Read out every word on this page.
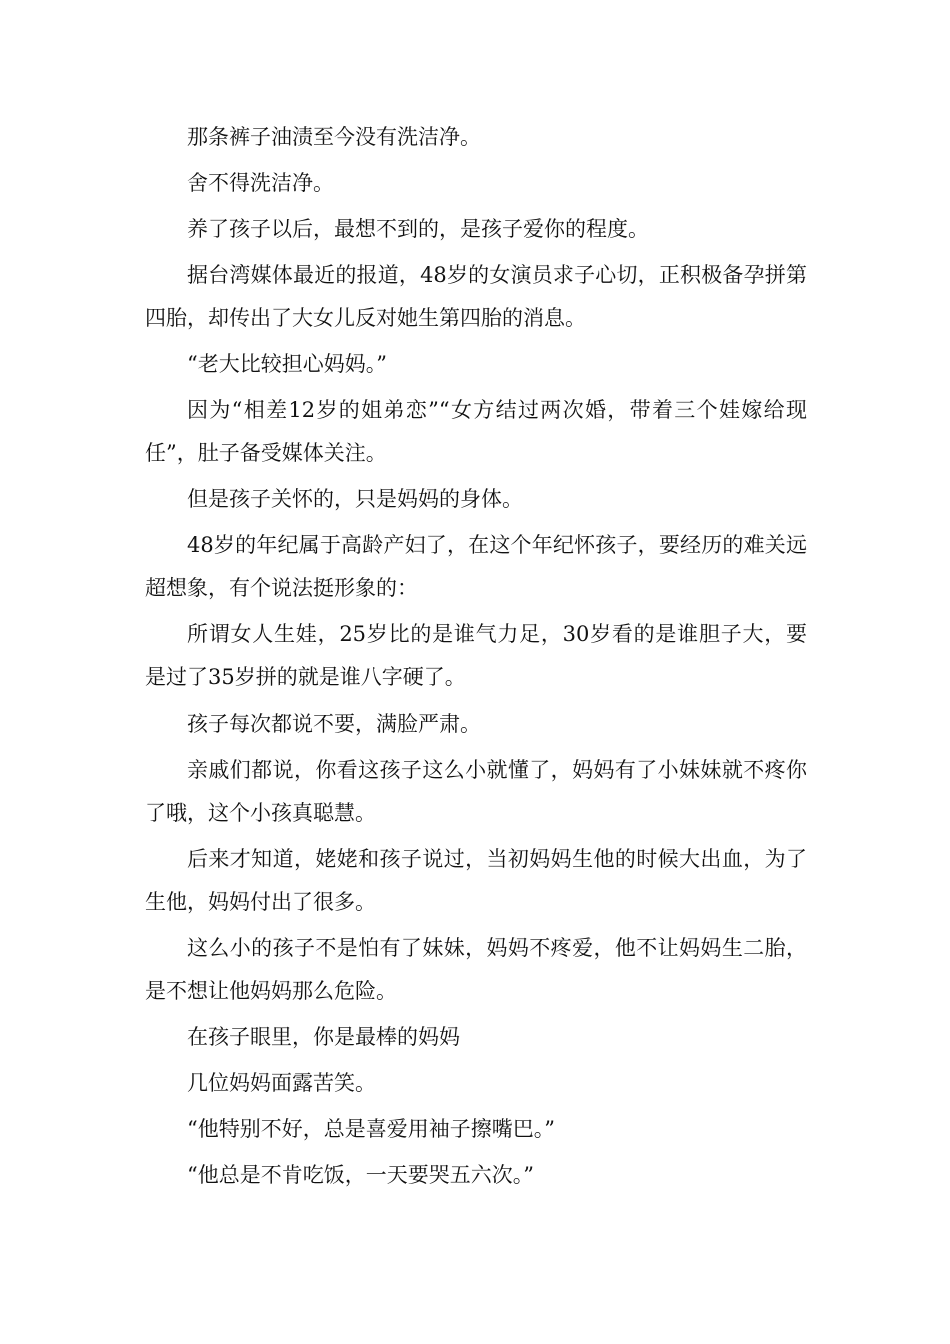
那条裤子油渍至今没有洗洁净。

舍不得洗洁净。

养了孩子以后，最想不到的，是孩子爱你的程度。

据台湾媒体最近的报道，48岁的女演员求子心切，正积极备孕拼第四胎，却传出了大女儿反对她生第四胎的消息。

“老大比较担心妈妈。”

因为“相差12岁的姐弟恋”“女方结过两次婚，带着三个娃嫁给现任”，肚子备受媒体关注。

但是孩子关怀的，只是妈妈的身体。

48岁的年纪属于高龄产妇了，在这个年纪怀孩子，要经历的难关远超想象，有个说法挺形象的：

所谓女人生娃，25岁比的是谁气力足，30岁看的是谁胆子大，要是过了35岁拼的就是谁八字硬了。

孩子每次都说不要，满脸严肃。

亲戚们都说，你看这孩子这么小就懂了，妈妈有了小妹妹就不疼你了哦，这个小孩真聪慧。

后来才知道，姥姥和孩子说过，当初妈妈生他的时候大出血，为了生他，妈妈付出了很多。

这么小的孩子不是怕有了妹妹，妈妈不疼爱，他不让妈妈生二胎，是不想让他妈妈那么危险。

在孩子眼里，你是最棒的妈妈

几位妈妈面露苦笑。

“他特别不好，总是喜爱用袖子擦嘴巴。”

“他总是不肯吃饭，一天要哭五六次。”
